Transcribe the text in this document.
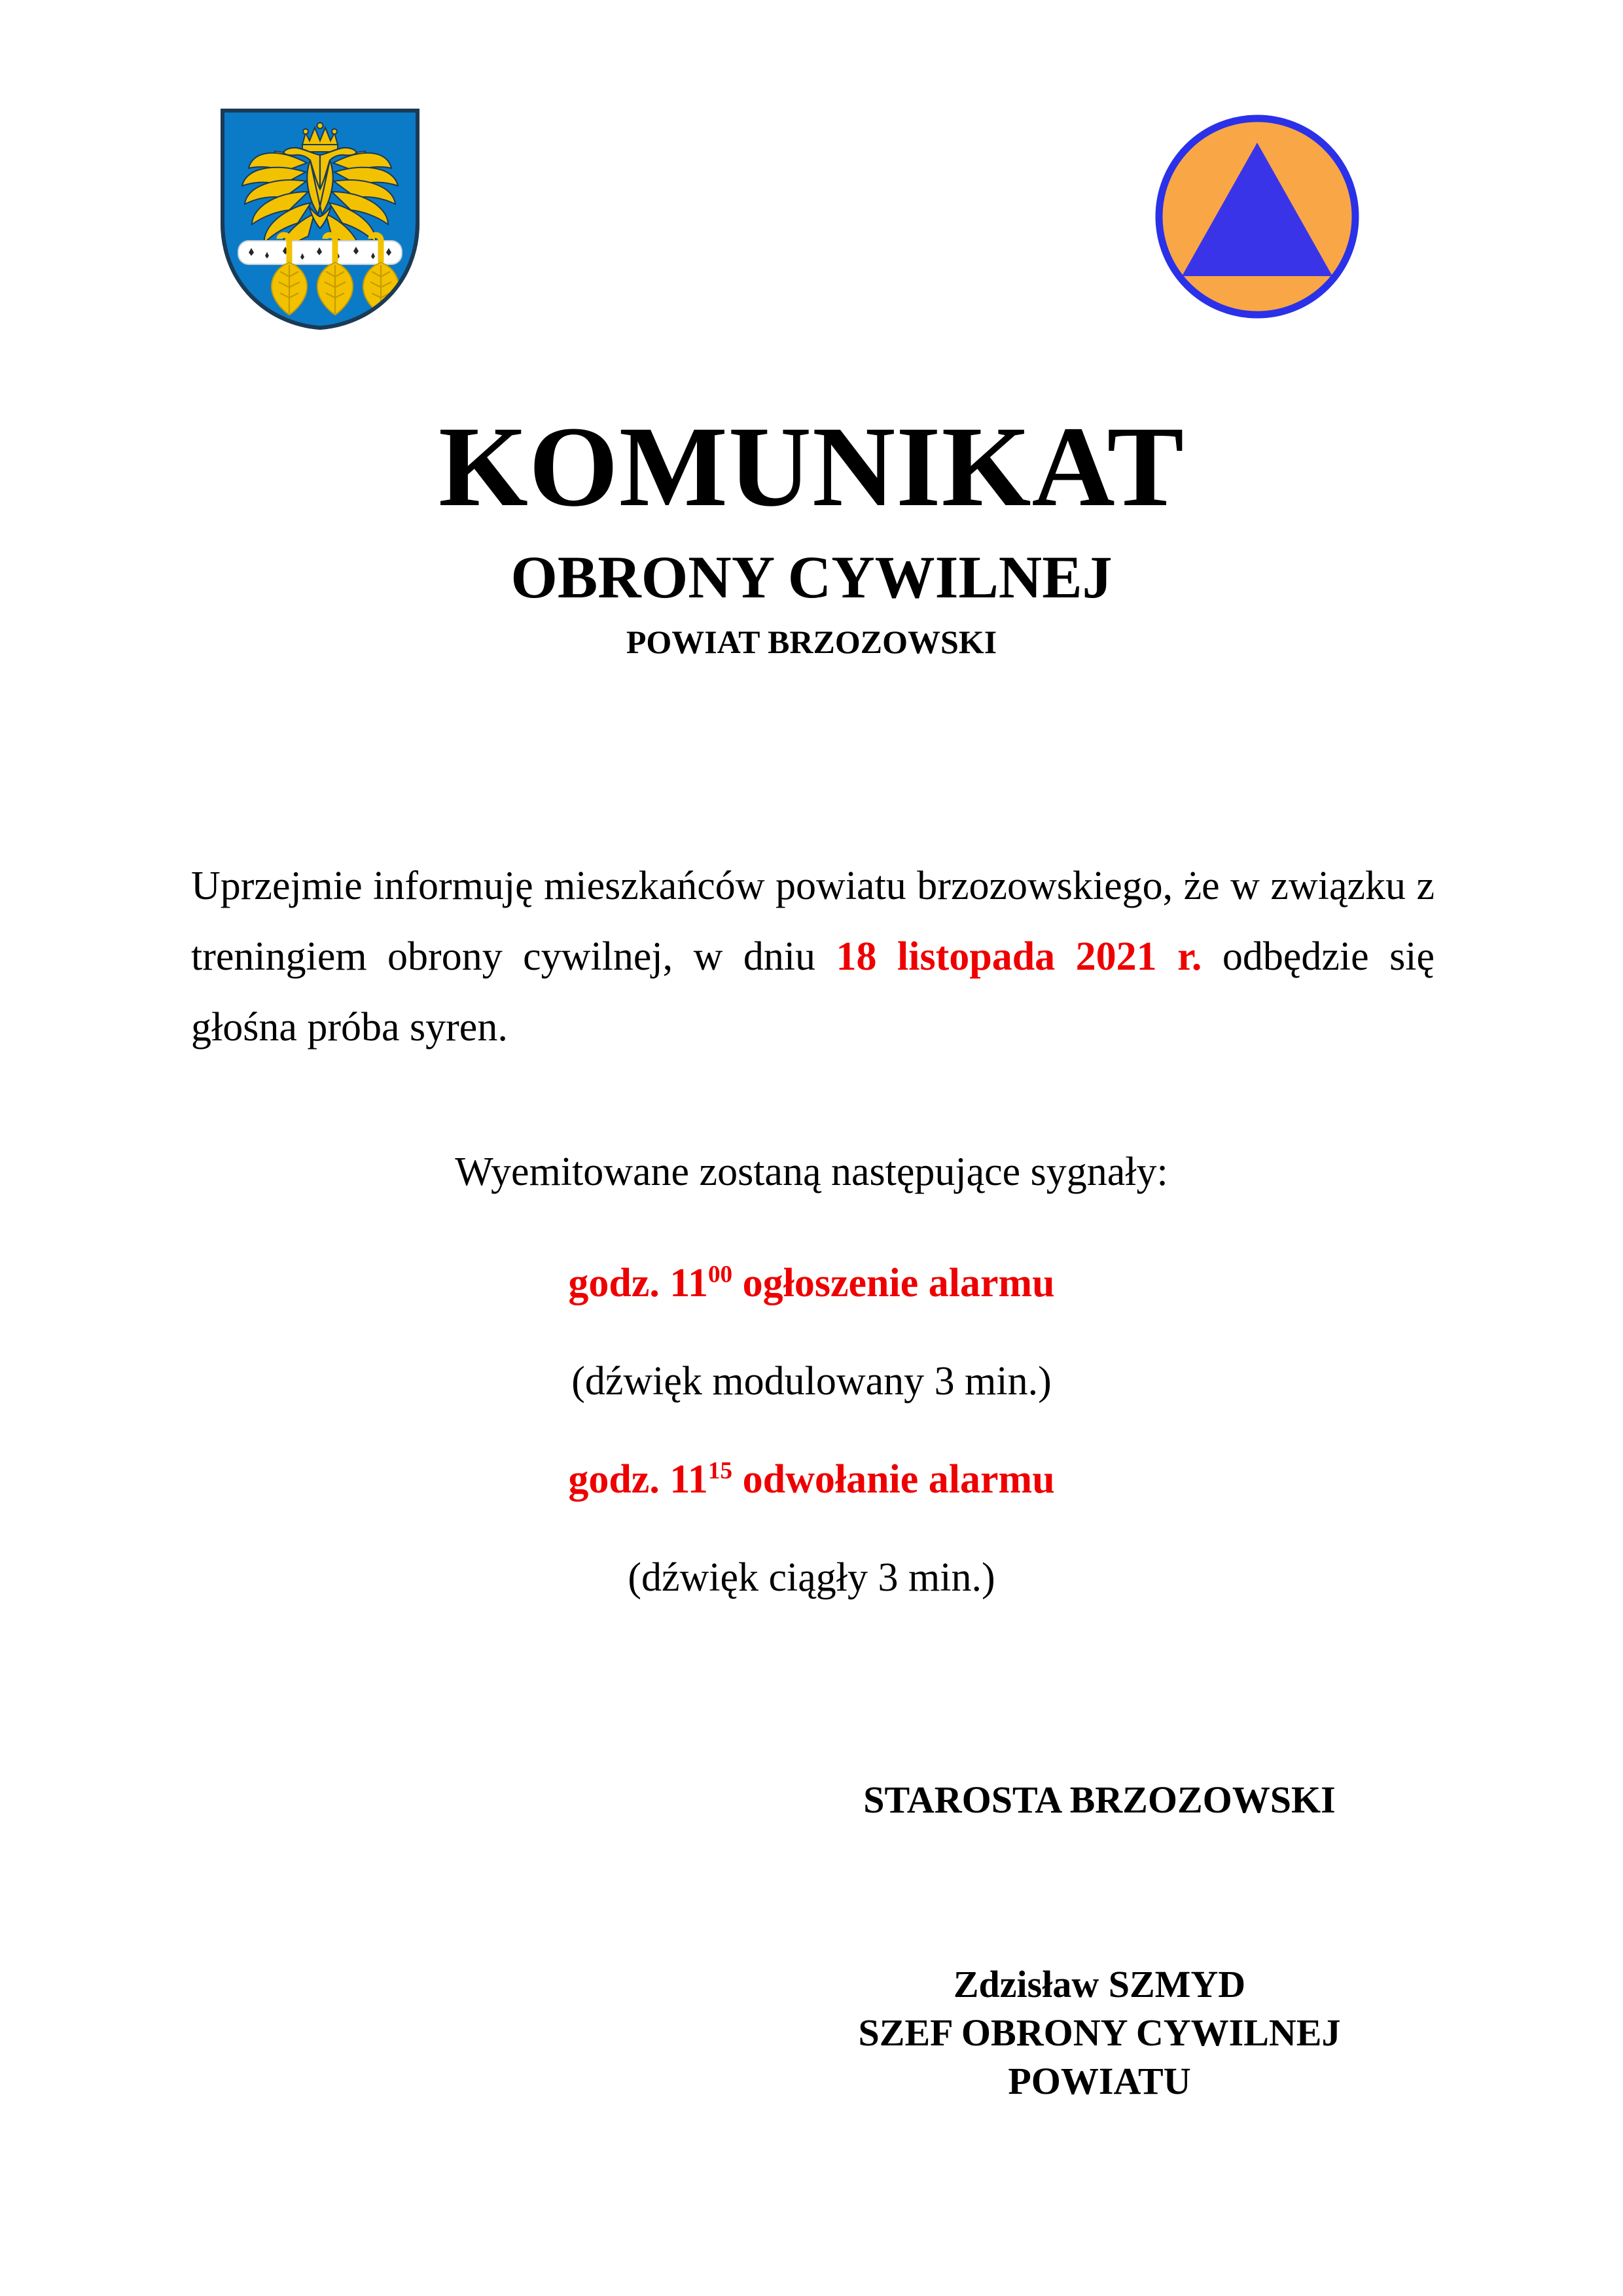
KOMUNIKAT
OBRONY CYWILNEJ
POWIAT BRZOZOWSKI

Uprzejmie informuję mieszkańców powiatu brzozowskiego, że w związku z treningiem obrony cywilnej, w dniu 18 listopada 2021 r. odbędzie się głośna próba syren.

Wyemitowane zostaną następujące sygnały:
godz. $11^{00}$ ogłoszenie alarmu
(dźwięk modulowany 3 min.)
godz. $11^{15}$ odwołanie alarmu
(dźwięk ciągły 3 min.)
STAROSTA BRZOZOWSKI
Zdzisław SZMYD
SZEF OBRONY CYWILNEJ
POWIATU
